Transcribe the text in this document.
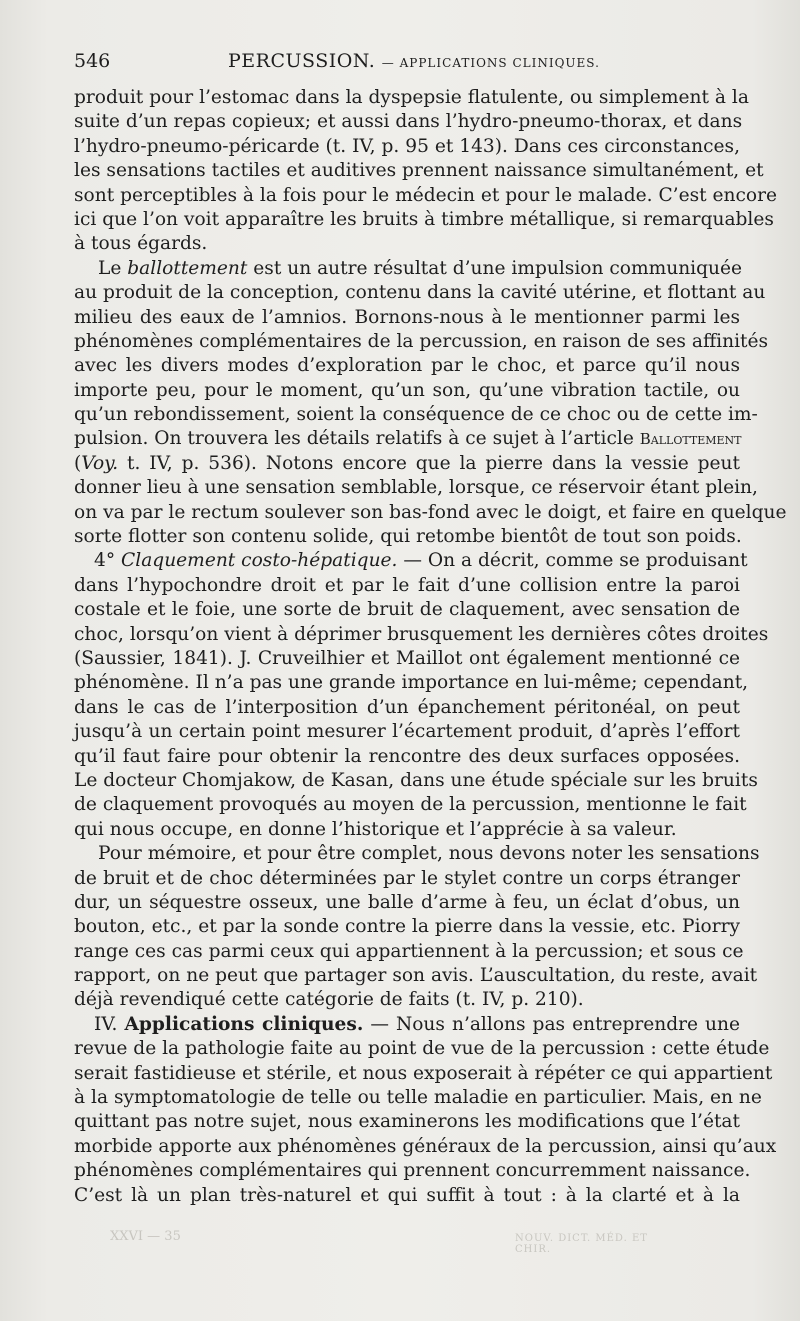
546	PERCUSSION. — APPLICATIONS CLINIQUES.
produit pour l’estomac dans la dyspepsie flatulente, ou simplement à la
suite d’un repas copieux; et aussi dans l’hydro-pneumo-thorax, et dans
l’hydro-pneumo-péricarde (t. IV, p. 95 et 143). Dans ces circonstances,
les sensations tactiles et auditives prennent naissance simultanément, et
sont perceptibles à la fois pour le médecin et pour le malade. C’est encore
ici que l’on voit apparaître les bruits à timbre métallique, si remarquables
à tous égards.
Le ballottement est un autre résultat d’une impulsion communiquée
au produit de la conception, contenu dans la cavité utérine, et flottant au
milieu des eaux de l’amnios. Bornons-nous à le mentionner parmi les
phénomènes complémentaires de la percussion, en raison de ses affinités
avec les divers modes d’exploration par le choc, et parce qu’il nous
importe peu, pour le moment, qu’un son, qu’une vibration tactile, ou
qu’un rebondissement, soient la conséquence de ce choc ou de cette im-
pulsion. On trouvera les détails relatifs à ce sujet à l’article Ballottement
(Voy. t. IV, p. 536). Notons encore que la pierre dans la vessie peut
donner lieu à une sensation semblable, lorsque, ce réservoir étant plein,
on va par le rectum soulever son bas-fond avec le doigt, et faire en quelque
sorte flotter son contenu solide, qui retombe bientôt de tout son poids.
4° Claquement costo-hépatique. — On a décrit, comme se produisant
dans l’hypochondre droit et par le fait d’une collision entre la paroi
costale et le foie, une sorte de bruit de claquement, avec sensation de
choc, lorsqu’on vient à déprimer brusquement les dernières côtes droites
(Saussier, 1841). J. Cruveilhier et Maillot ont également mentionné ce
phénomène. Il n’a pas une grande importance en lui-même; cependant,
dans le cas de l’interposition d’un épanchement péritonéal, on peut
jusqu’à un certain point mesurer l’écartement produit, d’après l’effort
qu’il faut faire pour obtenir la rencontre des deux surfaces opposées.
Le docteur Chomjakow, de Kasan, dans une étude spéciale sur les bruits
de claquement provoqués au moyen de la percussion, mentionne le fait
qui nous occupe, en donne l’historique et l’apprécie à sa valeur.
Pour mémoire, et pour être complet, nous devons noter les sensations
de bruit et de choc déterminées par le stylet contre un corps étranger
dur, un séquestre osseux, une balle d’arme à feu, un éclat d’obus, un
bouton, etc., et par la sonde contre la pierre dans la vessie, etc. Piorry
range ces cas parmi ceux qui appartiennent à la percussion; et sous ce
rapport, on ne peut que partager son avis. L’auscultation, du reste, avait
déjà revendiqué cette catégorie de faits (t. IV, p. 210).
IV. Applications cliniques. — Nous n’allons pas entreprendre une
revue de la pathologie faite au point de vue de la percussion : cette étude
serait fastidieuse et stérile, et nous exposerait à répéter ce qui appartient
à la symptomatologie de telle ou telle maladie en particulier. Mais, en ne
quittant pas notre sujet, nous examinerons les modifications que l’état
morbide apporte aux phénomènes généraux de la percussion, ainsi qu’aux
phénomènes complémentaires qui prennent concurremment naissance.
C’est là un plan très-naturel et qui suffit à tout : à la clarté et à la
XXVI — 35	NOUV. DICT. MÉD. ET CHIR.
